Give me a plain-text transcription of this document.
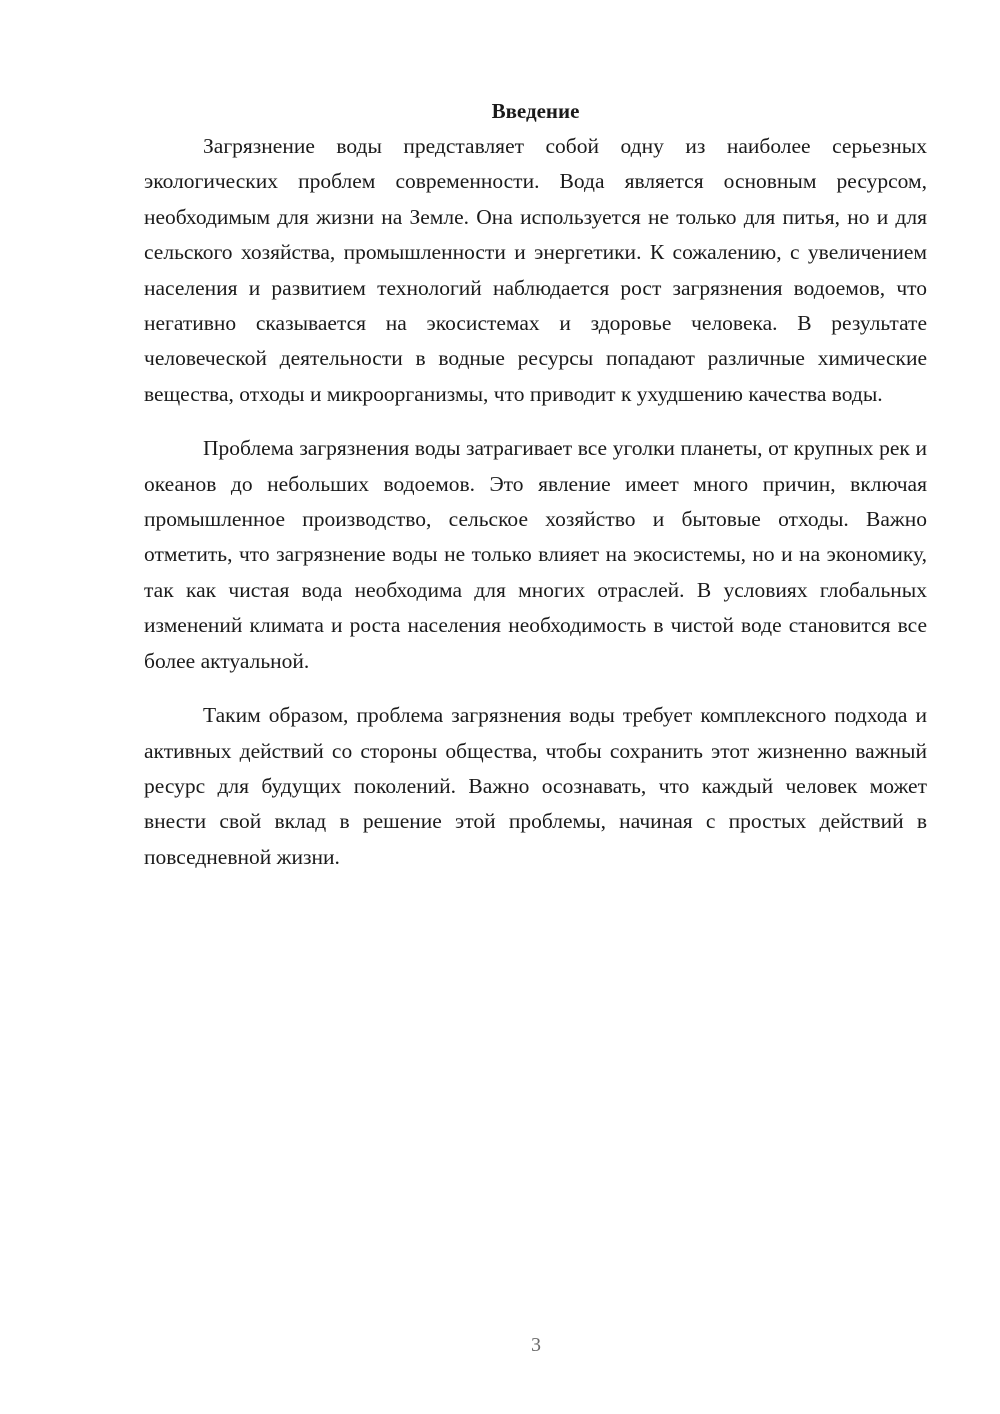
Введение

Загрязнение воды представляет собой одну из наиболее серьезных экологических проблем современности. Вода является основным ресурсом, необходимым для жизни на Земле. Она используется не только для питья, но и для сельского хозяйства, промышленности и энергетики. К сожалению, с увеличением населения и развитием технологий наблюдается рост загрязнения водоемов, что негативно сказывается на экосистемах и здоровье человека. В результате человеческой деятельности в водные ресурсы попадают различные химические вещества, отходы и микроорганизмы, что приводит к ухудшению качества воды.

Проблема загрязнения воды затрагивает все уголки планеты, от крупных рек и океанов до небольших водоемов. Это явление имеет много причин, включая промышленное производство, сельское хозяйство и бытовые отходы. Важно отметить, что загрязнение воды не только влияет на экосистемы, но и на экономику, так как чистая вода необходима для многих отраслей. В условиях глобальных изменений климата и роста населения необходимость в чистой воде становится все более актуальной.

Таким образом, проблема загрязнения воды требует комплексного подхода и активных действий со стороны общества, чтобы сохранить этот жизненно важный ресурс для будущих поколений. Важно осознавать, что каждый человек может внести свой вклад в решение этой проблемы, начиная с простых действий в повседневной жизни.

3
